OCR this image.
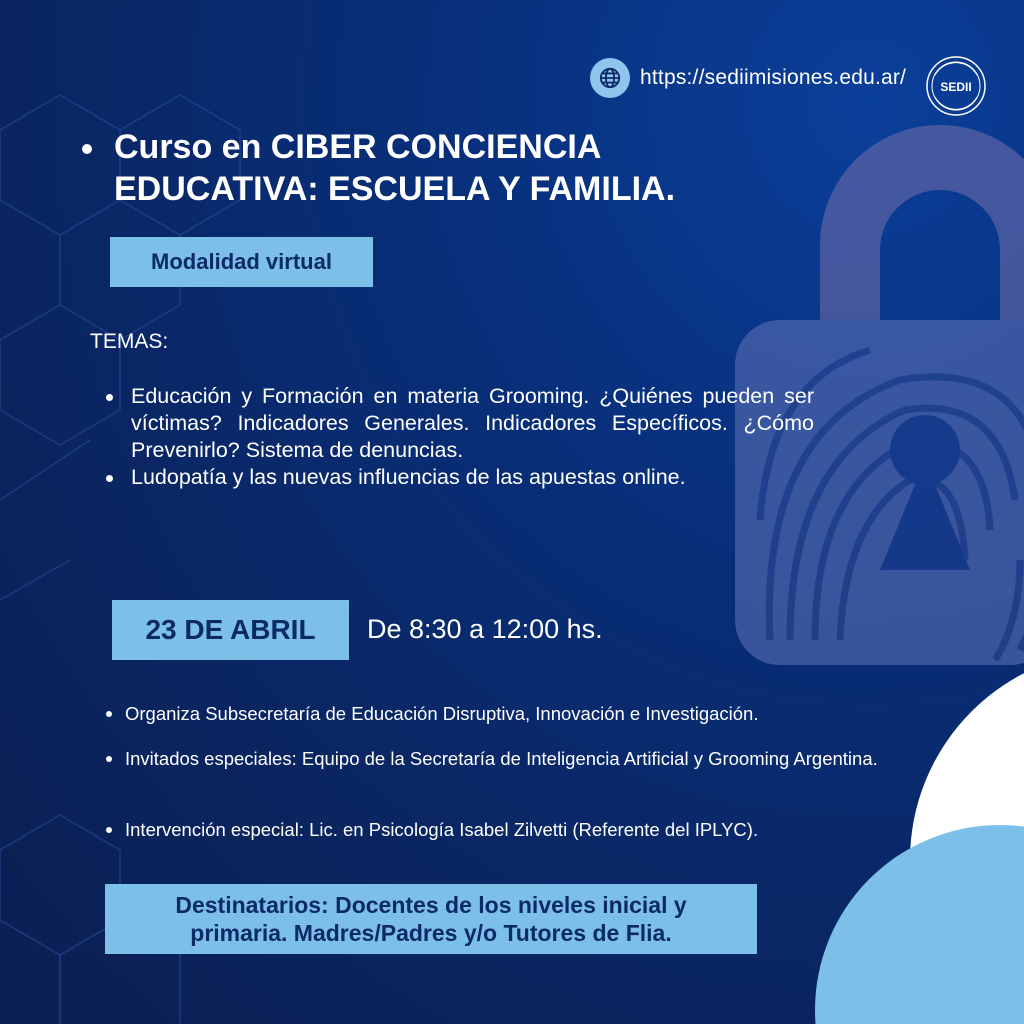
https://sediimisiones.edu.ar/	SEDII
Curso en CIBER CONCIENCIA EDUCATIVA: ESCUELA Y FAMILIA.
Modalidad virtual
TEMAS:
Educación y Formación en materia Grooming. ¿Quiénes pueden ser víctimas? Indicadores Generales. Indicadores Específicos. ¿Cómo Prevenirlo? Sistema de denuncias.
Ludopatía y las nuevas influencias de las apuestas online.
23 DE ABRIL	De 8:30 a 12:00 hs.
Organiza Subsecretaría de Educación Disruptiva, Innovación e Investigación.
Invitados especiales: Equipo de la Secretaría de Inteligencia Artificial y Grooming Argentina.
Intervención especial: Lic. en Psicología Isabel Zilvetti (Referente del IPLYC).
Destinatarios: Docentes de los niveles inicial y
primaria. Madres/Padres y/o Tutores de Flia.
